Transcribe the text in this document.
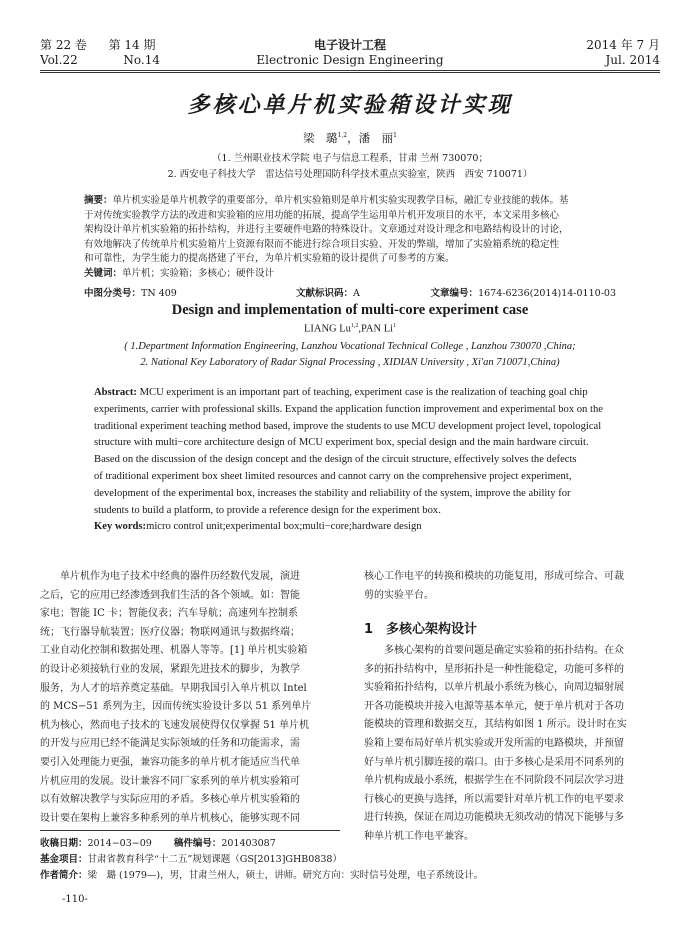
第 22 卷 第 14 期
Vol.22	No.14
电子设计工程
Electronic Design Engineering
2014 年 7 月
Jul. 2014
多核心单片机实验箱设计实现
梁　璐$^{1,2}$，潘　丽$^1$
（1. 兰州职业技术学院 电子与信息工程系，甘肃 兰州 730070；
2. 西安电子科技大学　雷达信号处理国防科学技术重点实验室，陕西　西安 710071）
摘要：单片机实验是单片机教学的重要部分，单片机实验箱则是单片机实验实现教学目标，融汇专业技能的载体。基
于对传统实验教学方法的改进和实验箱的应用功能的拓展，提高学生运用单片机开发项目的水平，本文采用多核心
架构设计单片机实验箱的拓扑结构，并进行主要硬件电路的特殊设计。文章通过对设计理念和电路结构设计的讨论，
有效地解决了传统单片机实验箱片上资源有限而不能进行综合项目实验、开发的弊端，增加了实验箱系统的稳定性
和可靠性，为学生能力的提高搭建了平台，为单片机实验箱的设计提供了可参考的方案。
关键词：单片机；实验箱；多核心；硬件设计
中图分类号：TN 409	文献标识码：A	文章编号：1674-6236(2014)14-0110-03
Design and implementation of multi-core experiment case
LIANG Lu$^{1,2}$,PAN Li$^1$
( 1.Department Information Engineering, Lanzhou Vocational Technical College , Lanzhou 730070 ,China;
2. National Key Laboratory of Radar Signal Processing , XIDIAN University , Xi'an 710071,China)
Abstract: MCU experiment is an important part of teaching, experiment case is the realization of teaching goal chip
experiments, carrier with professional skills. Expand the application function improvement and experimental box on the
traditional experiment teaching method based, improve the students to use MCU development project level, topological
structure with multi−core architecture design of MCU experiment box, special design and the main hardware circuit.
Based on the discussion of the design concept and the design of the circuit structure, effectively solves the defects
of traditional experiment box sheet limited resources and cannot carry on the comprehensive project experiment,
development of the experimental box, increases the stability and reliability of the system, improve the ability for
students to build a platform, to provide a reference design for the experiment box.
Key words:micro control unit;experimental box;multi−core;hardware design
　　单片机作为电子技术中经典的器件历经数代发展，演进
之后，它的应用已经渗透到我们生活的各个领域。如：智能
家电；智能 IC 卡；智能仪表；汽车导航；高速列车控制系
统；飞行器导航装置；医疗仪器；物联网通讯与数据终端；
工业自动化控制和数据处理、机器人等等。[1] 单片机实验箱
的设计必须接轨行业的发展，紧跟先进技术的脚步，为教学
服务，为人才的培养奠定基础。早期我国引入单片机以 Intel
的 MCS−51 系列为主，因而传统实验设计多以 51 系列单片
机为核心，然而电子技术的飞速发展使得仅仅掌握 51 单片机
的开发与应用已经不能满足实际领域的任务和功能需求，需
要引入处理能力更强，兼容功能多的单片机才能适应当代单
片机应用的发展。设计兼容不同厂家系列的单片机实验箱可
以有效解决教学与实际应用的矛盾。多核心单片机实验箱的
设计要在架构上兼容多种系列的单片机核心，能够实现不同
核心工作电平的转换和模块的功能复用，形成可综合、可裁
剪的实验平台。
1　多核心架构设计
　　多核心架构的首要问题是确定实验箱的拓扑结构。在众
多的拓扑结构中，星形拓扑是一种性能稳定，功能可多样的
实验箱拓扑结构，以单片机最小系统为核心，向周边辐射展
开各功能模块并接入电源等基本单元，便于单片机对于各功
能模块的管理和数据交互，其结构如图 1 所示。设计时在实
验箱上要布局好单片机实验或开发所需的电路模块，并预留
好与单片机引脚连接的端口。由于多核心是采用不同系列的
单片机构成最小系统，根据学生在不同阶段不同层次学习进
行核心的更换与选择，所以需要针对单片机工作的电平要求
进行转换，保证在周边功能模块无须改动的情况下能够与多
种单片机工作电平兼容。
收稿日期：2014−03−09 稿件编号：201403087
基金项目：甘肃省教育科学“十二五”规划课题（GS[2013]GHB0838）
作者简介：梁　璐 (1979—)，男，甘肃兰州人，硕士，讲师。研究方向：实时信号处理，电子系统设计。
-110-
